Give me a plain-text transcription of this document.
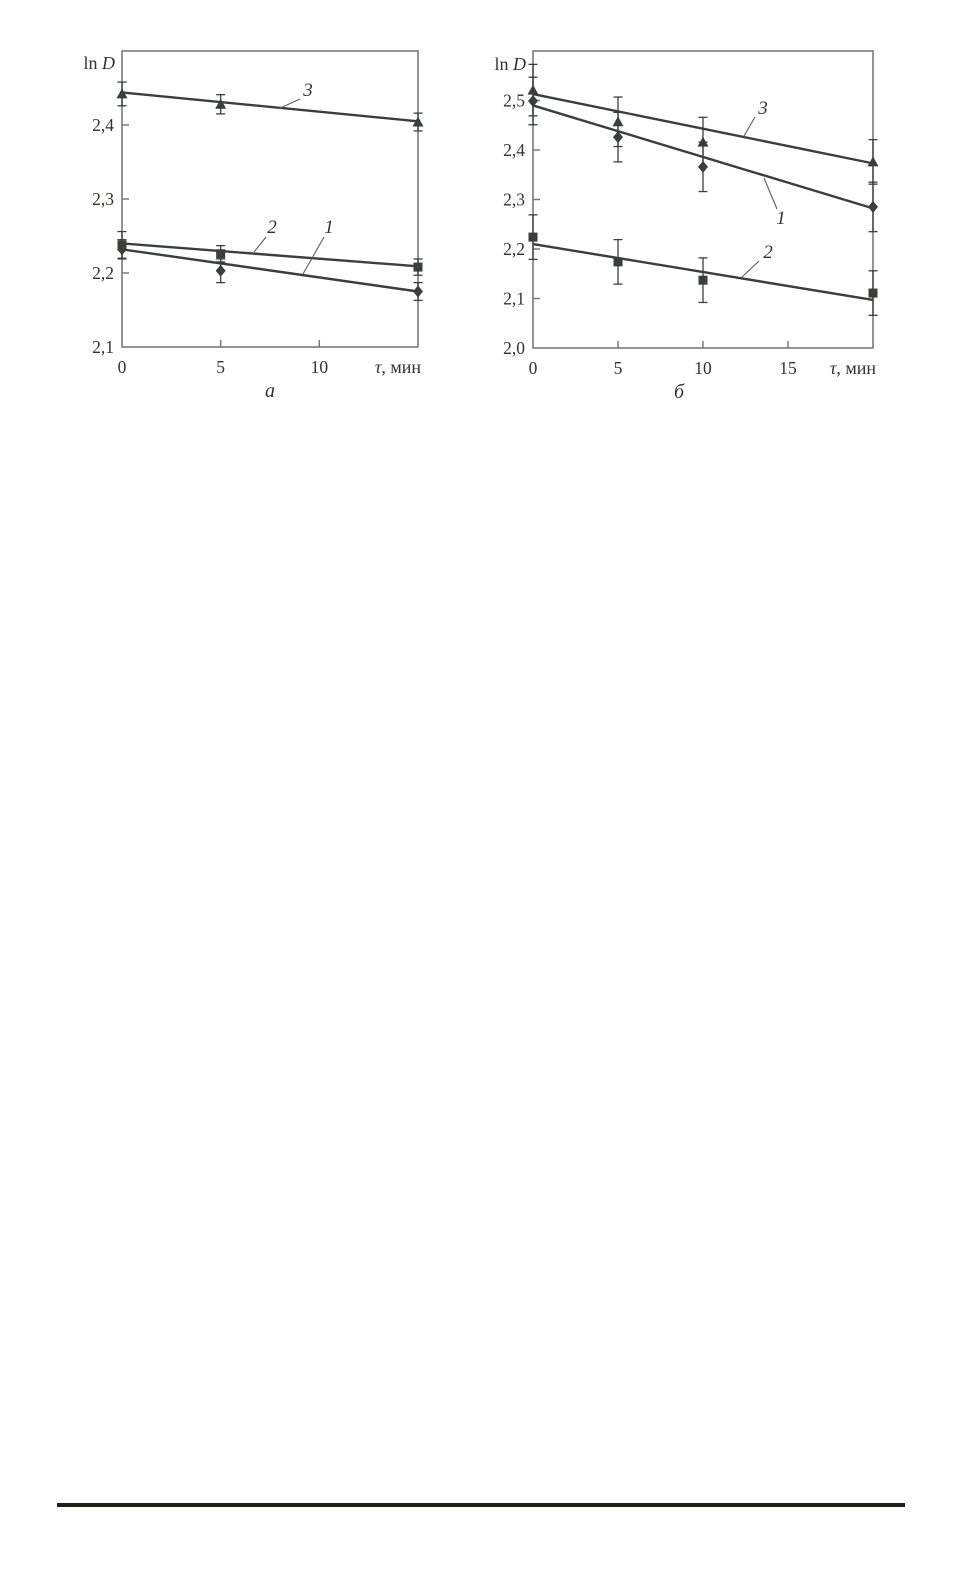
2,1
2,2
2,3
2,4
0	5	10
ln D
τ, мин
1
2
3
а
2,0
2,1
2,2
2,3
2,4
2,5
0	5	10	15
ln D
τ, мин
1
2
3
б
